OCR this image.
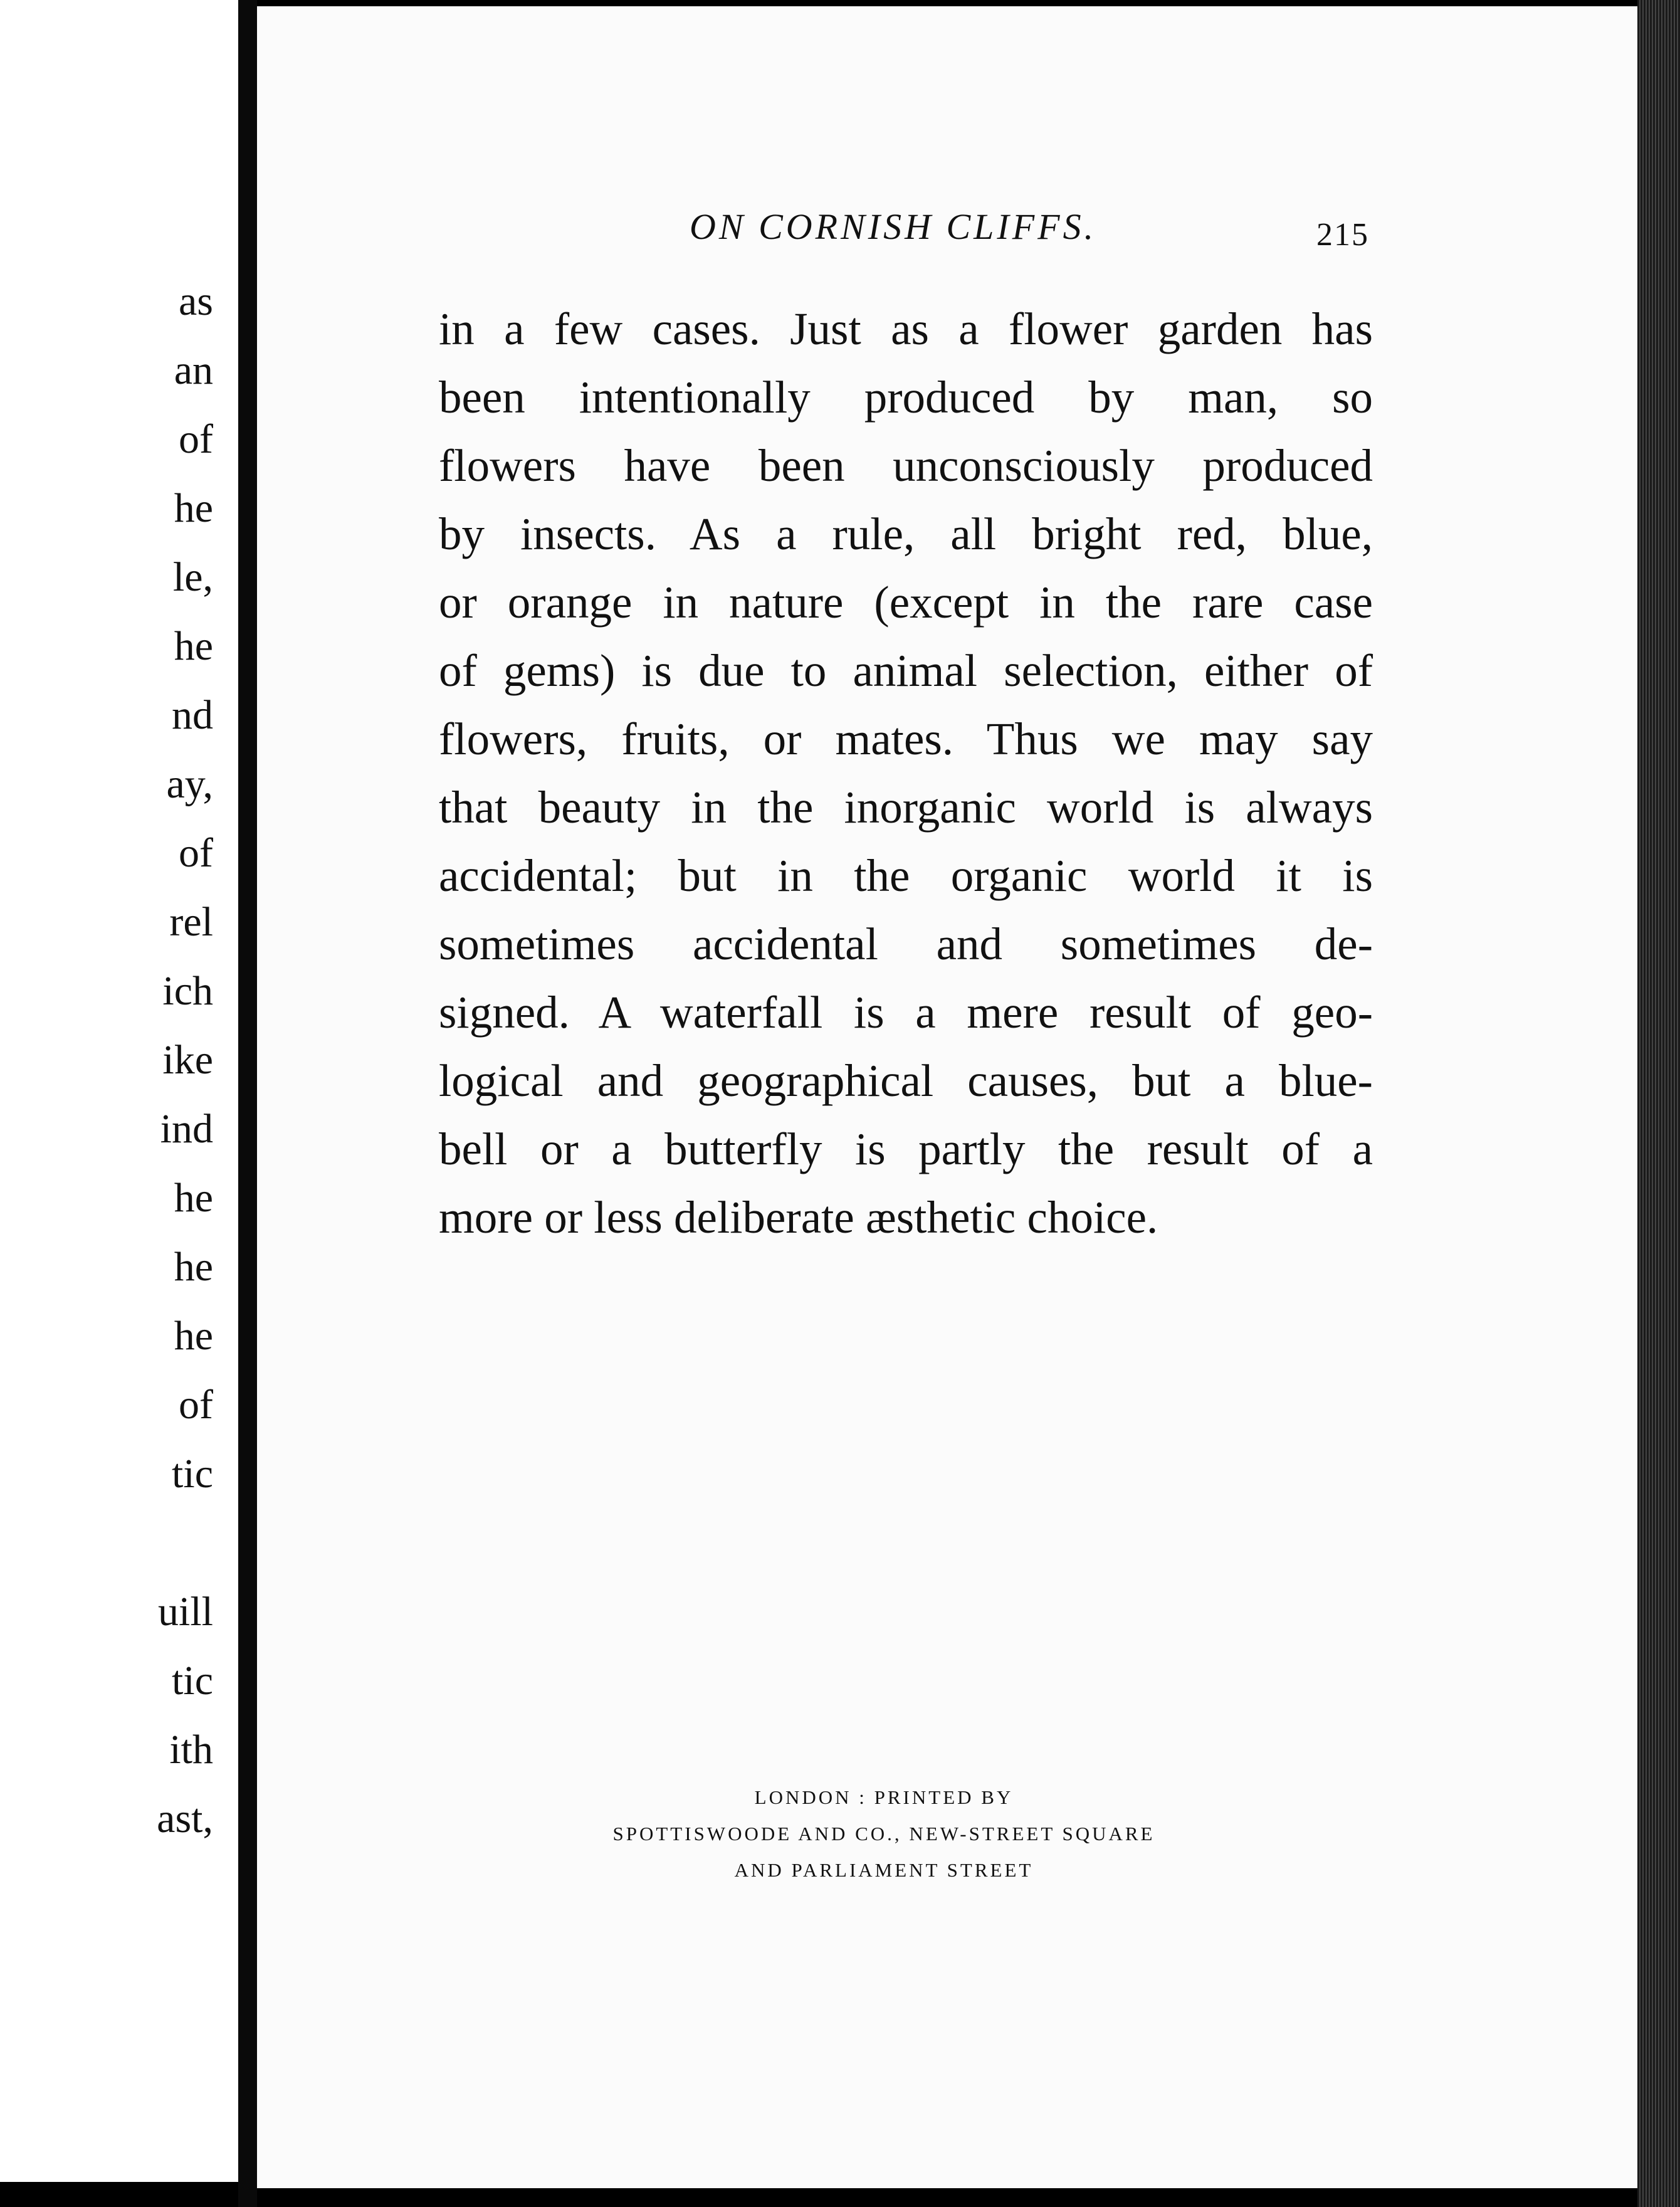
as
an
of
he
le,
he
nd
ay,
of
rel
ich
ike
ind
he
he
he
of
tic
uill
tic
ith
ast,
ON CORNISH CLIFFS.	215
in a few cases. Just as a flower garden has
been intentionally produced by man, so
flowers have been unconsciously produced
by insects. As a rule, all bright red, blue,
or orange in nature (except in the rare case
of gems) is due to animal selection, either of
flowers, fruits, or mates. Thus we may say
that beauty in the inorganic world is always
accidental; but in the organic world it is
sometimes accidental and sometimes de-
signed. A waterfall is a mere result of geo-
logical and geographical causes, but a blue-
bell or a butterfly is partly the result of a
more or less deliberate æsthetic choice.
LONDON : PRINTED BY
SPOTTISWOODE AND CO., NEW-STREET SQUARE
AND PARLIAMENT STREET
